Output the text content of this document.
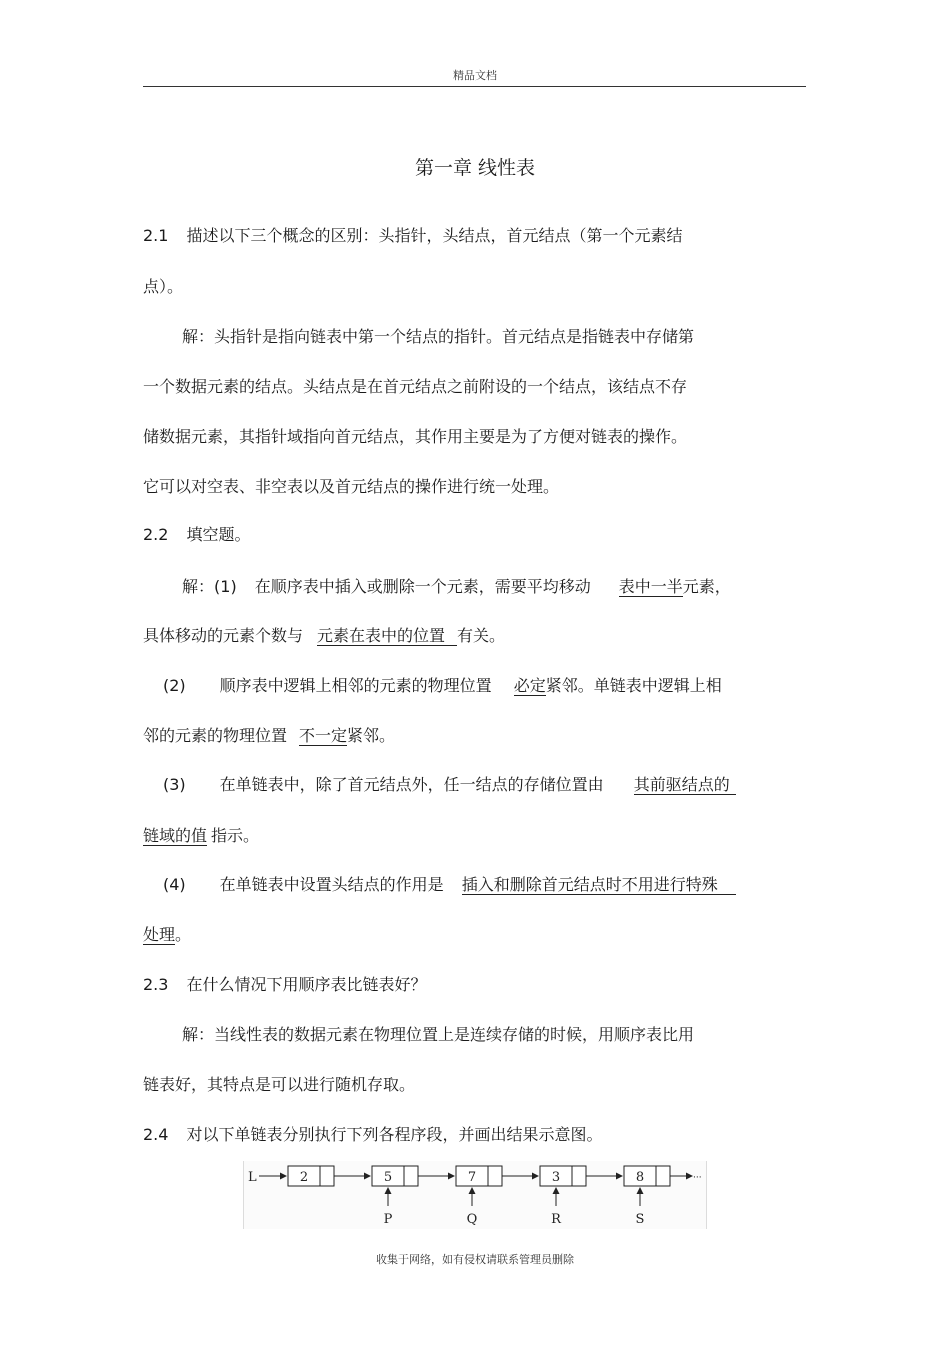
精品文档
第一章 线性表
2.1 描述以下三个概念的区别：头指针，头结点，首元结点（第一个元素结
点）。
解：头指针是指向链表中第一个结点的指针。首元结点是指链表中存储第
一个数据元素的结点。头结点是在首元结点之前附设的一个结点，该结点不存
储数据元素，其指针域指向首元结点，其作用主要是为了方便对链表的操作。
它可以对空表、非空表以及首元结点的操作进行统一处理。
2.2 填空题。
解：(1) 在顺序表中插入或删除一个元素，需要平均移动 表中一半元素，
具体移动的元素个数与 元素在表中的位置 有关。
(2) 顺序表中逻辑上相邻的元素的物理位置 必定紧邻。单链表中逻辑上相
邻的元素的物理位置 不一定紧邻。
(3) 在单链表中，除了首元结点外，任一结点的存储位置由 其前驱结点的
链域的值 指示。
(4) 在单链表中设置头结点的作用是 插入和删除首元结点时不用进行特殊
处理。
2.3 在什么情况下用顺序表比链表好？
解：当线性表的数据元素在物理位置上是连续存储的时候，用顺序表比用
链表好，其特点是可以进行随机存取。
2.4 对以下单链表分别执行下列各程序段，并画出结果示意图。
L	2	5
P
7
Q
3
R
8
S
···
收集于网络，如有侵权请联系管理员删除
